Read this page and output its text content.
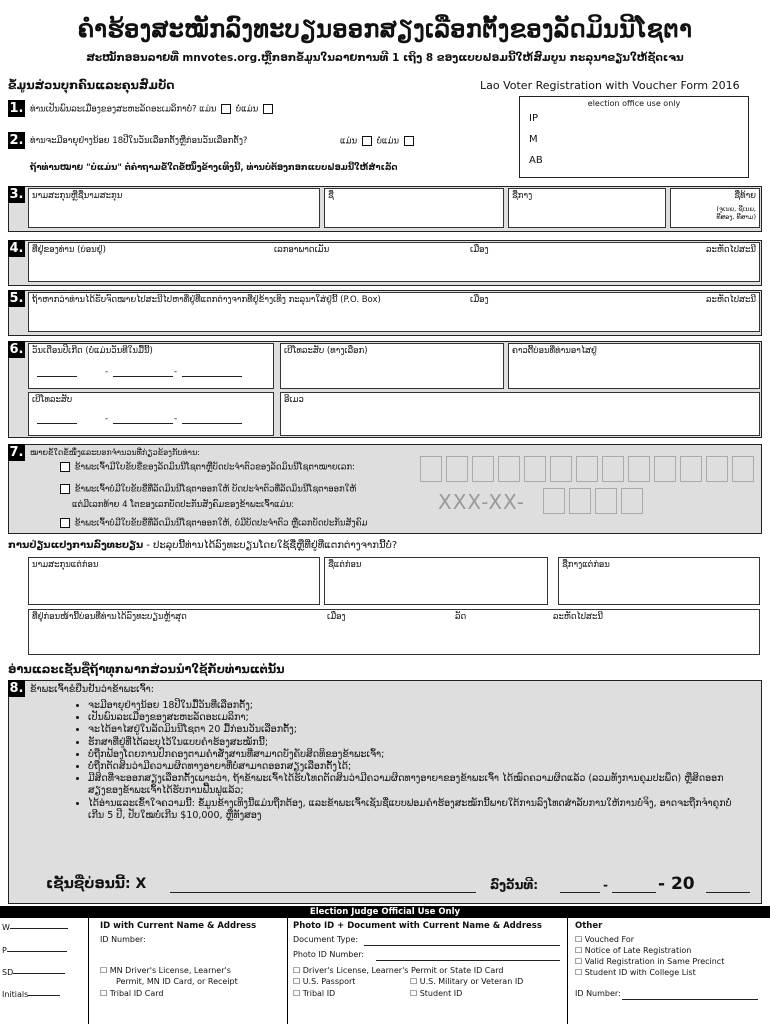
ຄຳຮ້ອງສະໝັກລົງທະບຽນອອກສຽງເລືອກຕັ້ງຂອງລັດມິນນີໂຊຕາ
ສະໝັກອອນລາຍທີ່ mnvotes.org.ຫຼືກອກຂໍ້ມູນໃນລາຍການທີ 1 ເຖິງ 8 ຂອງແບບຟອມນີ້ໃຫ້ສົມບູນ ກະລຸນາຂຽນໃຫ້ຊັດເຈນ
ຂໍ້ມູນສ່ວນບຸກຄົນແລະຄຸນສົມບັດ	Lao Voter Registration with Voucher Form 2016
1. ທ່ານເປັນພົນລະເມືອງຂອງສະຫະລັດອະເມລິກາບໍ່? ແມ່ນ ບໍ່ແມ່ນ
2. ທ່ານຈະມີອາຍຸຢ່າງນ້ອຍ 18ປີໃນວັນເລືອກຕັ້ງຫຼືກ່ອນວັນເລືອກຕັ້ງ?	ແມ່ນ ບໍ່ແມ່ນ
ຖ້າທ່ານໝາຍ "ບໍ່ແມ່ນ" ຕໍ່ຄຳຖາມຂໍ້ໃດຂໍ້ໜຶ່ງຂ້າງເທິງນີ້, ທ່ານບໍ່ຕ້ອງກອກແບບຟອມນີ້ໃຫ້ສຳເລັດ
election office use only
IP
M
AB
3. ນາມສະກຸນຫຼືຊື່ນາມສະກຸນ	ຊື່	ຊື່ກາງ	ຊື່ທ້າຍ
(ຈູເນຍ, ຊີເນຍ, ທີສອງ, ທີສາມ)
4. ທີ່ຢູ່ຂອງທ່ານ (ບ່ອນຢູ່)	ເລກອາພາດເມັນ	ເມືອງ	ລະຫັດໄປສະນີ
5. ຖ້າຫາກວ່າທ່ານໄດ້ຮັບຈົດໝາຍໄປສະນີໄປຫາທີ່ຢູ່ທີ່ແຕກຕ່າງຈາກທີ່ຢູ່ຂ້າງເທິງ ກະລຸນາໃສ່ຢູ່ນີ້ (P.O. Box)	ເມືອງ	ລະຫັດໄປສະນີ
6. ວັນເດືອນປີເກີດ (ບໍ່ແມ່ນວັນທີໃນມື້ນີ້)
-	-
ເບີໂທລະສັບ (ທາງເລືອກ)	ຄາວຕີ້ບ່ອນທີ່ທ່ານອາໄສຢູ່
ເບີໂທລະສັບ
-	-
ອີເມວ
7. ໝາຍຂໍ້ໃດຂໍ້ໜຶ່ງແລະບອກຈຳນວນທີ່ກ່ຽວຂ້ອງກັບທ່ານ:
ຂ້າພະເຈົ້າມີໃບຂັບຂີ່ຂອງລັດມິນນີໂຊຕາຫຼືບັດປະຈຳຕົວຂອງລັດມິນນີໂຊຕາໝາຍເລກ:
ຂ້າພະເຈົ້າບໍ່ມີໃບຂັບຂີ່ທີ່ລັດມິນນີໂຊຕາອອກໃຫ້ ບັດປະຈຳຕົວທີ່ລັດມິນນີໂຊຕາອອກໃຫ້
ແຕ່ມີເລກທ້າຍ 4 ໂຕຂອງເລກບັດປະກັນສັງຄົມຂອງຂ້າພະເຈົ້າແມ່ນ:
ຂ້າພະເຈົ້າບໍ່ມີໃບຂັບຂີ່ທີ່ລັດມິນນີໂຊຕາອອກໃຫ້, ບໍ່ມີບັດປະຈຳຕົວ ຫຼືເລກບັດປະກັນສັງຄົມ
XXX-XX-
ການປ່ຽນແປງການລົງທະບຽນ - ປະລຸບນີ້ທ່ານໄດ້ລົງທະບຽນໂດຍໃຊ້ຊື່ຫຼືທີ່ຢູ່ທີ່ແຕກຕ່າງຈາກນີ້ບໍ່?
ນາມສະກຸນແຕ່ກ່ອນ	ຊື່ແຕ່ກ່ອນ	ຊື່ກາງແຕ່ກ່ອນ
ທີ່ຢູ່ກ່ອນໜ້ານີ້ບ່ອນທີ່ທ່ານໄດ້ລົງທະບຽນຫຼ້າສຸດ	ເມືອງ	ລັດ	ລະຫັດໄປສະນີ
ອ່ານແລະເຊັນຊື່ຖ້າທຸກພາກສ່ວນນຳໃຊ້ກັບທ່ານແຕ່ນັ້ນ
8. ຂ້າພະເຈົ້າຂໍຢືນຢັນວ່າຂ້າພະເຈົ້າ:
• ຈະມີອາຍຸຢ່າງນ້ອຍ 18ປີໃນມື້ວັນທີ່ເລືອກຕັ້ງ;
• ເປັນພົນລະເມືອງຂອງສະຫະລັດອະເມລິກາ;
• ຈະໄດ້ອາໄສຢູ່ໃນລັດມິນນີໂຊຕາ 20 ມື້ກ່ອນວັນເລືອກຕັ້ງ;
• ຮັກສາທີ່ຢູ່ທີ່ໄດ້ລະບຸໄວ້ໃນແບບຄຳຮ້ອງສະໝັກນີ້;
• ບໍ່ຖືກຟ້ອງໂດຍການປົກຄອງຕາມຄຳສັ່ງສານທີ່ສາມາດບັງຄັບສິດທິຂອງຂ້າພະເຈົ້າ;
• ບໍ່ຖືກຕັດສິນວ່າມີຄວາມຜິດທາງອາຍາທີ່ບໍ່ສາມາດອອກສຽງເລືອກຕັ້ງໄດ້;
• ມີສິດທີ່ຈະອອກສຽງເລືອກຕັ້ງເພາະວ່າ, ຖ້າຂ້າພະເຈົ້າໄດ້ຮັບໂທດຕັດສິນວ່າມີຄວາມຜິດທາງອາຍາຂອງຂ້າພະເຈົ້າ ໄດ້ໝົດຄວາມຜິດແລ້ວ (ລວມທັງການຄຸມປະພຶດ) ຫຼືສິດອອກສຽງຂອງຂ້າພະເຈົ້າໄດ້ຮັບການຟື້ນຟູແລ້ວ;
• ໄດ້ອ່ານແລະເຂົ້າໃຈຄວາມນີ້: ຂໍ້ມູນຂ້າງເທິງນີ້ແມ່ນຖືກຕ້ອງ, ແລະຂ້າພະເຈົ້າເຊັນຊື່ແບບຟອມຄຳຮ້ອງສະໝັກນີ້ພາຍໃຕ້ການລົງໂທດສຳລັບການໃຫ້ການບໍ່ຈິງ, ອາດຈະຖືກຈຳຄຸກບໍ່ເກີນ 5 ປີ, ປັບໃໝບໍ່ເກີນ $10,000, ຫຼືທັງສອງ
ເຊັນຊື່ບ່ອນນີ້: X	ລົງວັນທີ:	-	- 20
Election Judge Official Use Only
W
P
SD
Initials
ID with Current Name & Address
ID Number:
☐ MN Driver's License, Learner's
Permit, MN ID Card, or Receipt
☐ Tribal ID Card
Photo ID + Document with Current Name & Address
Document Type:
Photo ID Number:
☐ Driver's License, Learner's Permit or State ID Card
☐ U.S. Passport	☐ U.S. Military or Veteran ID
☐ Tribal ID	☐ Student ID
Other
☐ Vouched For
☐ Notice of Late Registration
☐ Valid Registration in Same Precinct
☐ Student ID with College List
ID Number:
